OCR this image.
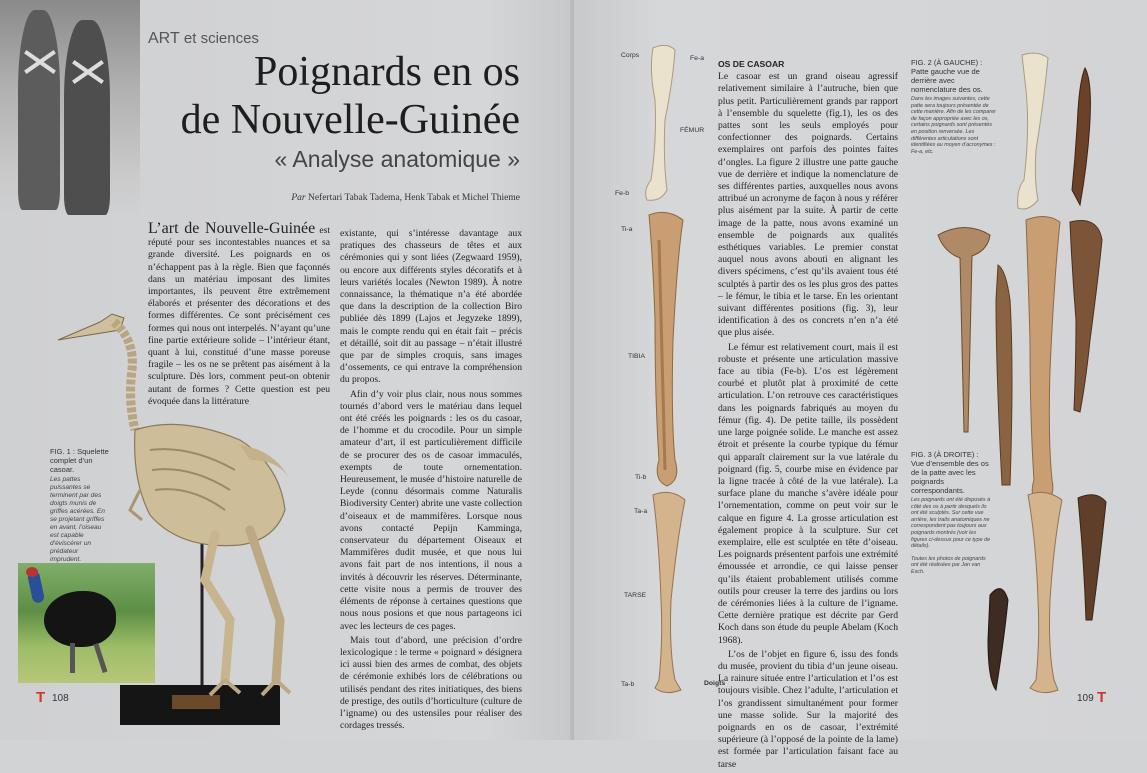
ART et sciences
Poignards en os
de Nouvelle-Guinée
« Analyse anatomique »
Par Nefertari Tabak Tadema, Henk Tabak et Michel Thieme

L’art de Nouvelle-Guinée est réputé pour ses incontestables nuances et sa grande diversité. Les poignards en os n’échappent pas à la règle. Bien que façonnés dans un matériau imposant des limites importantes, ils peuvent être extrêmement élaborés et présenter des décorations et des formes différentes. Ce sont précisément ces formes qui nous ont interpelés. N’ayant qu’une fine partie extérieure solide – l’intérieur étant, quant à lui, constitué d’une masse poreuse fragile – les os ne se prêtent pas aisément à la sculpture. Dès lors, comment peut-on obtenir autant de formes ? Cette question est peu évoquée dans la littérature

existante, qui s’intéresse davantage aux pratiques des chasseurs de têtes et aux cérémonies qui y sont liées (Zegwaard 1959), ou encore aux différents styles décoratifs et à leurs variétés locales (Newton 1989). À notre connaissance, la thématique n’a été abordée que dans la description de la collection Biro publiée dès 1899 (Lajos et Jegyzeke 1899), mais le compte rendu qui en était fait – précis et détaillé, soit dit au passage – n’était illustré que par de simples croquis, sans images d’ossements, ce qui entrave la compréhension du propos.

Afin d’y voir plus clair, nous nous sommes tournés d’abord vers le matériau dans lequel ont été créés les poignards : les os du casoar, de l’homme et du crocodile. Pour un simple amateur d’art, il est particulièrement difficile de se procurer des os de casoar immaculés, exempts de toute ornementation. Heureusement, le musée d’histoire naturelle de Leyde (connu désormais comme Naturalis Biodiversity Center) abrite une vaste collection d’oiseaux et de mammifères. Lorsque nous avons contacté Pepijn Kamminga, conservateur du département Oiseaux et Mammifères dudit musée, et que nous lui avons fait part de nos intentions, il nous a invités à découvrir les réserves. Déterminante, cette visite nous a permis de trouver des éléments de réponse à certaines questions que nous nous posions et que nous partageons ici avec les lecteurs de ces pages.

Mais tout d’abord, une précision d’ordre lexicologique : le terme « poignard » désignera ici aussi bien des armes de combat, des objets de cérémonie exhibés lors de célébrations ou utilisés pendant des rites initiatiques, des biens de prestige, des outils d’horticulture (culture de l’igname) ou des ustensiles pour réaliser des cordages tressés.

FIG. 1 : Squelette complet d’un casoar.
Les pattes puissantes se terminent par des doigts munis de griffes acérées. En se projetant griffes en avant, l’oiseau est capable d’éviscérer un prédateur imprudent.
T 108
Corps	Fe-a
FÉMUR
Fe-b
Ti-a
TIBIA
Ti-b
Ta-a
TARSE
Ta-b	Doigts
OS DE CASOAR

Le casoar est un grand oiseau agressif relativement similaire à l’autruche, bien que plus petit. Particulièrement grands par rapport à l’ensemble du squelette (fig.1), les os des pattes sont les seuls employés pour confectionner des poignards. Certains exemplaires ont parfois des pointes faites d’ongles. La figure 2 illustre une patte gauche vue de derrière et indique la nomenclature de ses différentes parties, auxquelles nous avons attribué un acronyme de façon à nous y référer plus aisément par la suite. À partir de cette image de la patte, nous avons examiné un ensemble de poignards aux qualités esthétiques variables. Le premier constat auquel nous avons abouti en alignant les divers spécimens, c’est qu’ils avaient tous été sculptés à partir des os les plus gros des pattes – le fémur, le tibia et le tarse. En les orientant suivant différentes positions (fig. 3), leur identification à des os concrets n’en n’a été que plus aisée.

Le fémur est relativement court, mais il est robuste et présente une articulation massive face au tibia (Fe-b). L’os est légèrement courbé et plutôt plat à proximité de cette articulation. L’on retrouve ces caractéristiques dans les poignards fabriqués au moyen du fémur (fig. 4). De petite taille, ils possèdent une large poignée solide. Le manche est assez étroit et présente la courbe typique du fémur qui apparaît clairement sur la vue latérale du poignard (fig. 5, courbe mise en évidence par la ligne tracée à côté de la vue latérale). La surface plane du manche s’avère idéale pour l’ornementation, comme on peut voir sur le calque en figure 4. La grosse articulation est également propice à la sculpture. Sur cet exemplaire, elle est sculptée en tête d’oiseau. Les poignards présentent parfois une extrémité émoussée et arrondie, ce qui laisse penser qu’ils étaient probablement utilisés comme outils pour creuser la terre des jardins ou lors de cérémonies liées à la culture de l’igname. Cette dernière pratique est décrite par Gerd Koch dans son étude du peuple Abelam (Koch 1968).

L’os de l’objet en figure 6, issu des fonds du musée, provient du tibia d’un jeune oiseau. La rainure située entre l’articulation et l’os est toujours visible. Chez l’adulte, l’articulation et l’os grandissent simultanément pour former une masse solide. Sur la majorité des poignards en os de casoar, l’extrémité supérieure (à l’opposé de la pointe de la lame) est formée par l’articulation faisant face au tarse

FIG. 2 (À GAUCHE) : Patte gauche vue de derrière avec nomenclature des os.
Dans les images suivantes, cette patte sera toujours présentée de cette manière. Afin de les comparer de façon appropriée avec les os, certains poignards sont présentés en position renversée. Les différentes articulations sont identifiées au moyen d’acronymes : Fe-a, etc.
FIG. 3 (À DROITE) : Vue d’ensemble des os de la patte avec les poignards correspondants.
Les poignards ont été disposés à côté des os à partir desquels ils ont été sculptés. Sur cette vue arrière, les traits anatomiques ne correspondent pas toujours aux poignards montrés (voir les figures ci-dessus pour ce type de détails).
Toutes les photos de poignards ont été réalisées par Jan van Esch.
109 T
